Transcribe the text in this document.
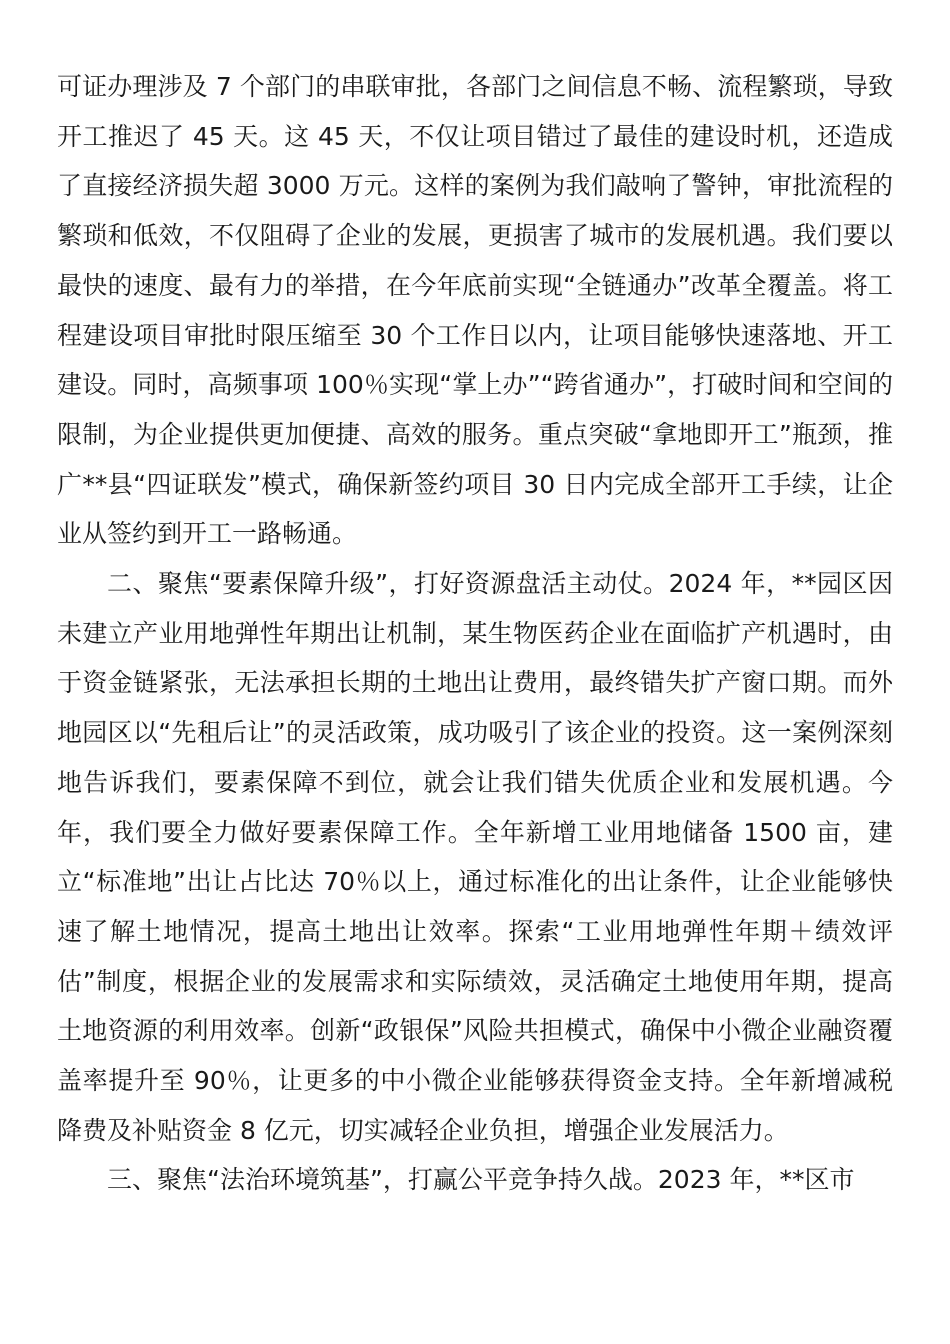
可证办理涉及 7 个部门的串联审批，各部门之间信息不畅、流程繁琐，导致开工推迟了 45 天。这 45 天，不仅让项目错过了最佳的建设时机，还造成了直接经济损失超 3000 万元。这样的案例为我们敲响了警钟，审批流程的繁琐和低效，不仅阻碍了企业的发展，更损害了城市的发展机遇。我们要以最快的速度、最有力的举措，在今年底前实现“全链通办”改革全覆盖。将工程建设项目审批时限压缩至 30 个工作日以内，让项目能够快速落地、开工建设。同时，高频事项 100％实现“掌上办”“跨省通办”，打破时间和空间的限制，为企业提供更加便捷、高效的服务。重点突破“拿地即开工”瓶颈，推广**县“四证联发”模式，确保新签约项目 30 日内完成全部开工手续，让企业从签约到开工一路畅通。

二、聚焦“要素保障升级”，打好资源盘活主动仗。2024 年，**园区因未建立产业用地弹性年期出让机制，某生物医药企业在面临扩产机遇时，由于资金链紧张，无法承担长期的土地出让费用，最终错失扩产窗口期。而外地园区以“先租后让”的灵活政策，成功吸引了该企业的投资。这一案例深刻地告诉我们，要素保障不到位，就会让我们错失优质企业和发展机遇。今年，我们要全力做好要素保障工作。全年新增工业用地储备 1500 亩，建立“标准地”出让占比达 70％以上，通过标准化的出让条件，让企业能够快速了解土地情况，提高土地出让效率。探索“工业用地弹性年期＋绩效评估”制度，根据企业的发展需求和实际绩效，灵活确定土地使用年期，提高土地资源的利用效率。创新“政银保”风险共担模式，确保中小微企业融资覆盖率提升至 90％，让更多的中小微企业能够获得资金支持。全年新增减税降费及补贴资金 8 亿元，切实减轻企业负担，增强企业发展活力。

三、聚焦“法治环境筑基”，打赢公平竞争持久战。2023 年，**区市
